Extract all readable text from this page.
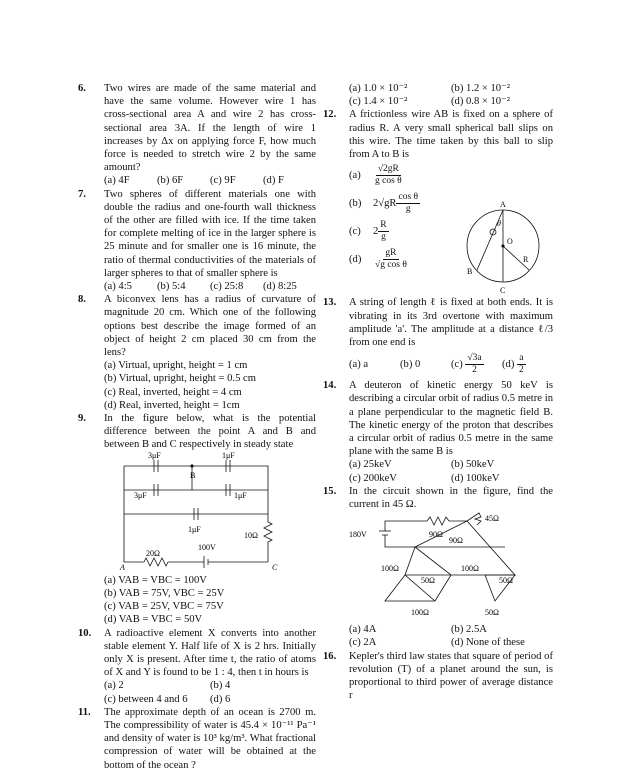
6. Two wires are made of the same material and have the same volume. However wire 1 has cross-sectional area A and wire 2 has cross-sectional area 3A. If the length of wire 1 increases by Δx on applying force F, how much force is needed to stretch wire 2 by the same amount?

(a) 4F	(b) 6F	(c) 9F	(d) F
7. Two spheres of different materials one with double the radius and one-fourth wall thickness of the other are filled with ice. If the time taken for complete melting of ice in the larger sphere is 25 minute and for smaller one is 16 minute, the ratio of thermal conductivities of the materials of larger spheres to that of smaller sphere is

(a) 4:5	(b) 5:4	(c) 25:8	(d) 8:25
8. A biconvex lens has a radius of curvature of magnitude 20 cm. Which one of the following options best describe the image formed of an object of height 2 cm placed 30 cm from the lens?

(a) Virtual, upright, height = 1 cm
(b) Virtual, upright, height = 0.5 cm
(c) Real, inverted, height = 4 cm
(d) Real, inverted, height = 1cm
9. In the figure below, what is the potential difference between the point A and B and between B and C respectively in steady state

3μF	1μF
B
3μF	1μF
1μF
10Ω
20Ω
100V
A	C
(a) VAB = VBC = 100V
(b) VAB = 75V, VBC = 25V
(c) VAB = 25V, VBC = 75V
(d) VAB = VBC = 50V
10. A radioactive element X converts into another stable element Y. Half life of X is 2 hrs. Initially only X is present. After time t, the ratio of atoms of X and Y is found to be 1 : 4, then t in hours is

(a) 2	(b) 4
(c) between 4 and 6	(d) 6
11. The approximate depth of an ocean is 2700 m. The compressibility of water is 45.4 × 10⁻¹¹ Pa⁻¹ and density of water is 10³ kg/m³. What fractional compression of water will be obtained at the bottom of the ocean ?

(a) 1.0 × 10⁻²	(b) 1.2 × 10⁻²
(c) 1.4 × 10⁻²	(d) 0.8 × 10⁻²
12. A frictionless wire AB is fixed on a sphere of radius R. A very small spherical ball slips on this wire. The time taken by this ball to slip from A to B is

(a)	$\frac{√2gR}{\text{g cos θ}}$
(b)	$2√gR \frac{\text{cos θ}}{g}$
(c)	$2 \frac{R}{g}$
(d)	$\frac{gR}{\text{√g cos θ}}$
A
B
C
O
R
θ
13. A string of length ℓ is fixed at both ends. It is vibrating in its 3rd overtone with maximum amplitude 'a'. The amplitude at a distance ℓ/3 from one end is

(a) a	(b) 0	$(c) \frac{√3a}{2} (d) \frac{a}{2}$
14. A deuteron of kinetic energy 50 keV is describing a circular orbit of radius 0.5 metre in a plane perpendicular to the magnetic field B. The kinetic energy of the proton that describes a circular orbit of radius 0.5 metre in the same plane with the same B is

(a) 25keV	(b) 50keV
(c) 200keV	(d) 100keV
15. In the circuit shown in the figure, find the current in 45 Ω.

180V	90Ω
45Ω
90Ω
100Ω
50Ω
100Ω
50Ω
100Ω	50Ω
(a) 4A	(b) 2.5A
(c) 2A	(d) None of these
16. Kepler's third law states that square of period of revolution (T) of a planet around the sun, is proportional to third power of average distance r
